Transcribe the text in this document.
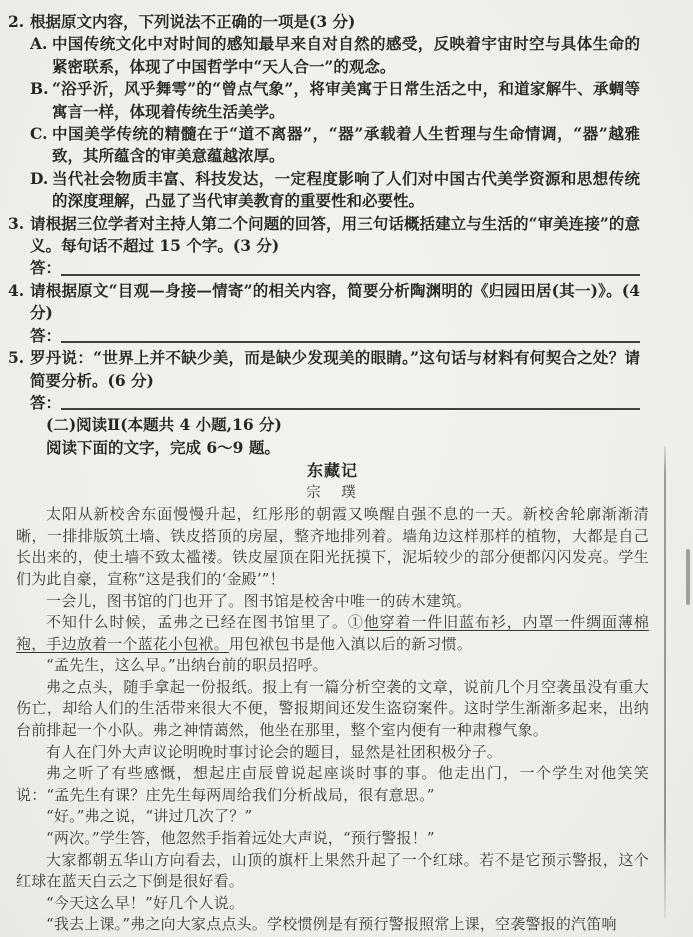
2. 根据原文内容，下列说法不正确的一项是(3 分)
A. 中国传统文化中对时间的感知最早来自对自然的感受，反映着宇宙时空与具体生命的紧密联系，体现了中国哲学中“天人合一”的观念。
B. “浴乎沂，风乎舞雩”的“曾点气象”，将审美寓于日常生活之中，和道家解牛、承蜩等寓言一样，体现着传统生活美学。
C. 中国美学传统的精髓在于“道不离器”，“器”承载着人生哲理与生命情调，“器”越雅致，其所蕴含的审美意蕴越浓厚。
D. 当代社会物质丰富、科技发达，一定程度影响了人们对中国古代美学资源和思想传统的深度理解，凸显了当代审美教育的重要性和必要性。
3. 请根据三位学者对主持人第二个问题的回答，用三句话概括建立与生活的“审美连接”的意义。每句话不超过 15 个字。(3 分)
答：
4. 请根据原文“目观—身接—情寄”的相关内容，简要分析陶渊明的《归园田居(其一)》。(4 分)
答：
5. 罗丹说：“世界上并不缺少美，而是缺少发现美的眼睛。”这句话与材料有何契合之处？请简要分析。(6 分)
答：
(二)阅读Ⅱ(本题共 4 小题,16 分)
阅读下面的文字，完成 6～9 题。
东藏记
宗　璞

太阳从新校舍东面慢慢升起，红彤彤的朝霞又唤醒自强不息的一天。新校舍轮廓渐渐清晰，一排排版筑土墙、铁皮搭顶的房屋，整齐地排列着。墙角边这样那样的植物，大都是自己长出来的，使土墙不致太褴褛。铁皮屋顶在阳光抚摸下，泥垢较少的部分便都闪闪发亮。学生们为此自豪，宣称“这是我们的‘金殿’”！

一会儿，图书馆的门也开了。图书馆是校舍中唯一的砖木建筑。

不知什么时候，孟弗之已经在图书馆里了。①他穿着一件旧蓝布衫，内罩一件绸面薄棉袍，手边放着一个蓝花小包袱。用包袱包书是他入滇以后的新习惯。

“孟先生，这么早。”出纳台前的职员招呼。

弗之点头，随手拿起一份报纸。报上有一篇分析空袭的文章，说前几个月空袭虽没有重大伤亡，却给人们的生活带来很大不便，警报期间还发生盗窃案件。这时学生渐渐多起来，出纳台前排起一个小队。弗之神情蔼然，他坐在那里，整个室内便有一种肃穆气象。

有人在门外大声议论明晚时事讨论会的题目，显然是社团积极分子。

弗之听了有些感慨，想起庄卣辰曾说起座谈时事的事。他走出门，一个学生对他笑笑说：“孟先生有课？庄先生每两周给我们分析战局，很有意思。”

“好。”弗之说，“讲过几次了？”

“两次。”学生答，他忽然手指着远处大声说，“预行警报！”

大家都朝五华山方向看去，山顶的旗杆上果然升起了一个红球。若不是它预示警报，这个红球在蓝天白云之下倒是很好看。

“今天这么早！”好几个人说。

“我去上课。”弗之向大家点点头。学校惯例是有预行警报照常上课，空袭警报的汽笛响
